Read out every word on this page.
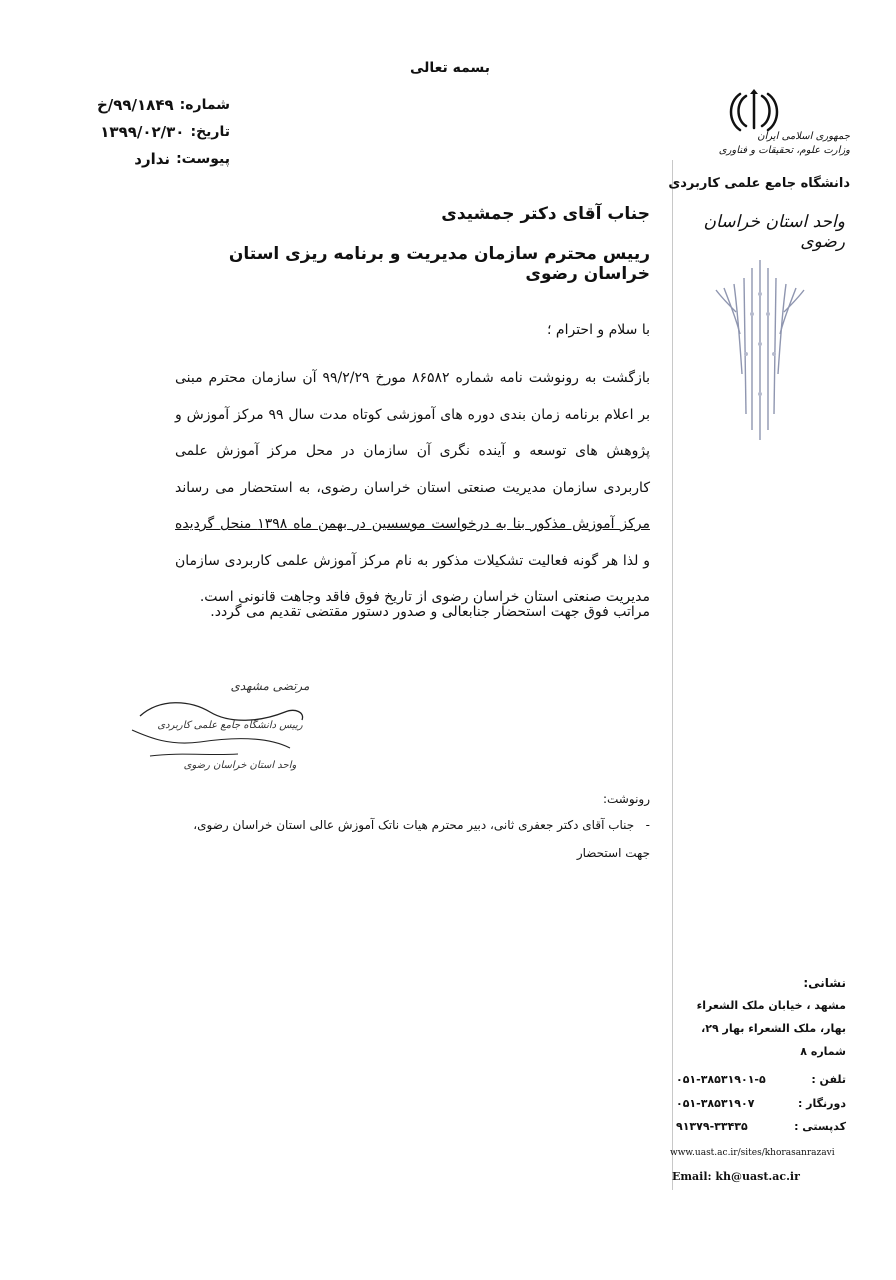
بسمه تعالی
شماره:
۹۹/۱۸۴۹/خ
تاریخ:
۱۳۹۹/۰۲/۳۰
پیوست:
ندارد
جمهوری اسلامی ایران
وزارت علوم، تحقیقات و فناوری
دانشگاه جامع علمی کاربردی
واحد استان خراسان رضوی
جناب آقای دکتر جمشیدی
رییس محترم سازمان مدیریت و برنامه ریزی استان خراسان رضوی
با سلام و احترام ؛
بازگشت به رونوشت نامه شماره ۸۶۵۸۲ مورخ ۹۹/۲/۲۹ آن سازمان محترم مبنی
بر اعلام برنامه زمان بندی دوره های آموزشی کوتاه مدت سال ۹۹ مرکز آموزش و
پژوهش های توسعه و آینده نگری آن سازمان در محل مرکز آموزش علمی
کاربردی سازمان مدیریت صنعتی استان خراسان رضوی، به استحضار می رساند
مرکز آموزش مذکور بنا به درخواست موسسین در بهمن ماه ۱۳۹۸ منحل گردیده
و لذا هر گونه فعالیت تشکیلات مذکور به نام مرکز آموزش علمی کاربردی سازمان
مدیریت صنعتی استان خراسان رضوی از تاریخ فوق فاقد وجاهت قانونی است.
مراتب فوق جهت استحضار جنابعالی و صدور دستور مقتضی تقدیم می گردد.
مرتضی مشهدی
رییس دانشگاه جامع علمی کاربردی
واحد استان خراسان رضوی
رونوشت:
-   جناب آقای دکتر جعفری ثانی، دبیر محترم هیات ناتک آموزش عالی استان خراسان رضوی،
جهت استحضار
نشانی:
مشهد ، خیابان ملک الشعراء
بهار، ملک الشعراء بهار ۲۹،
شماره ۸
تلفن :
۰۵۱-۳۸۵۳۱۹۰۱-۵
دورنگار :
۰۵۱-۳۸۵۳۱۹۰۷
کدپستی :
۹۱۳۷۹-۳۳۴۳۵
www.uast.ac.ir/sites/khorasanrazavi
Email: kh@uast.ac.ir
